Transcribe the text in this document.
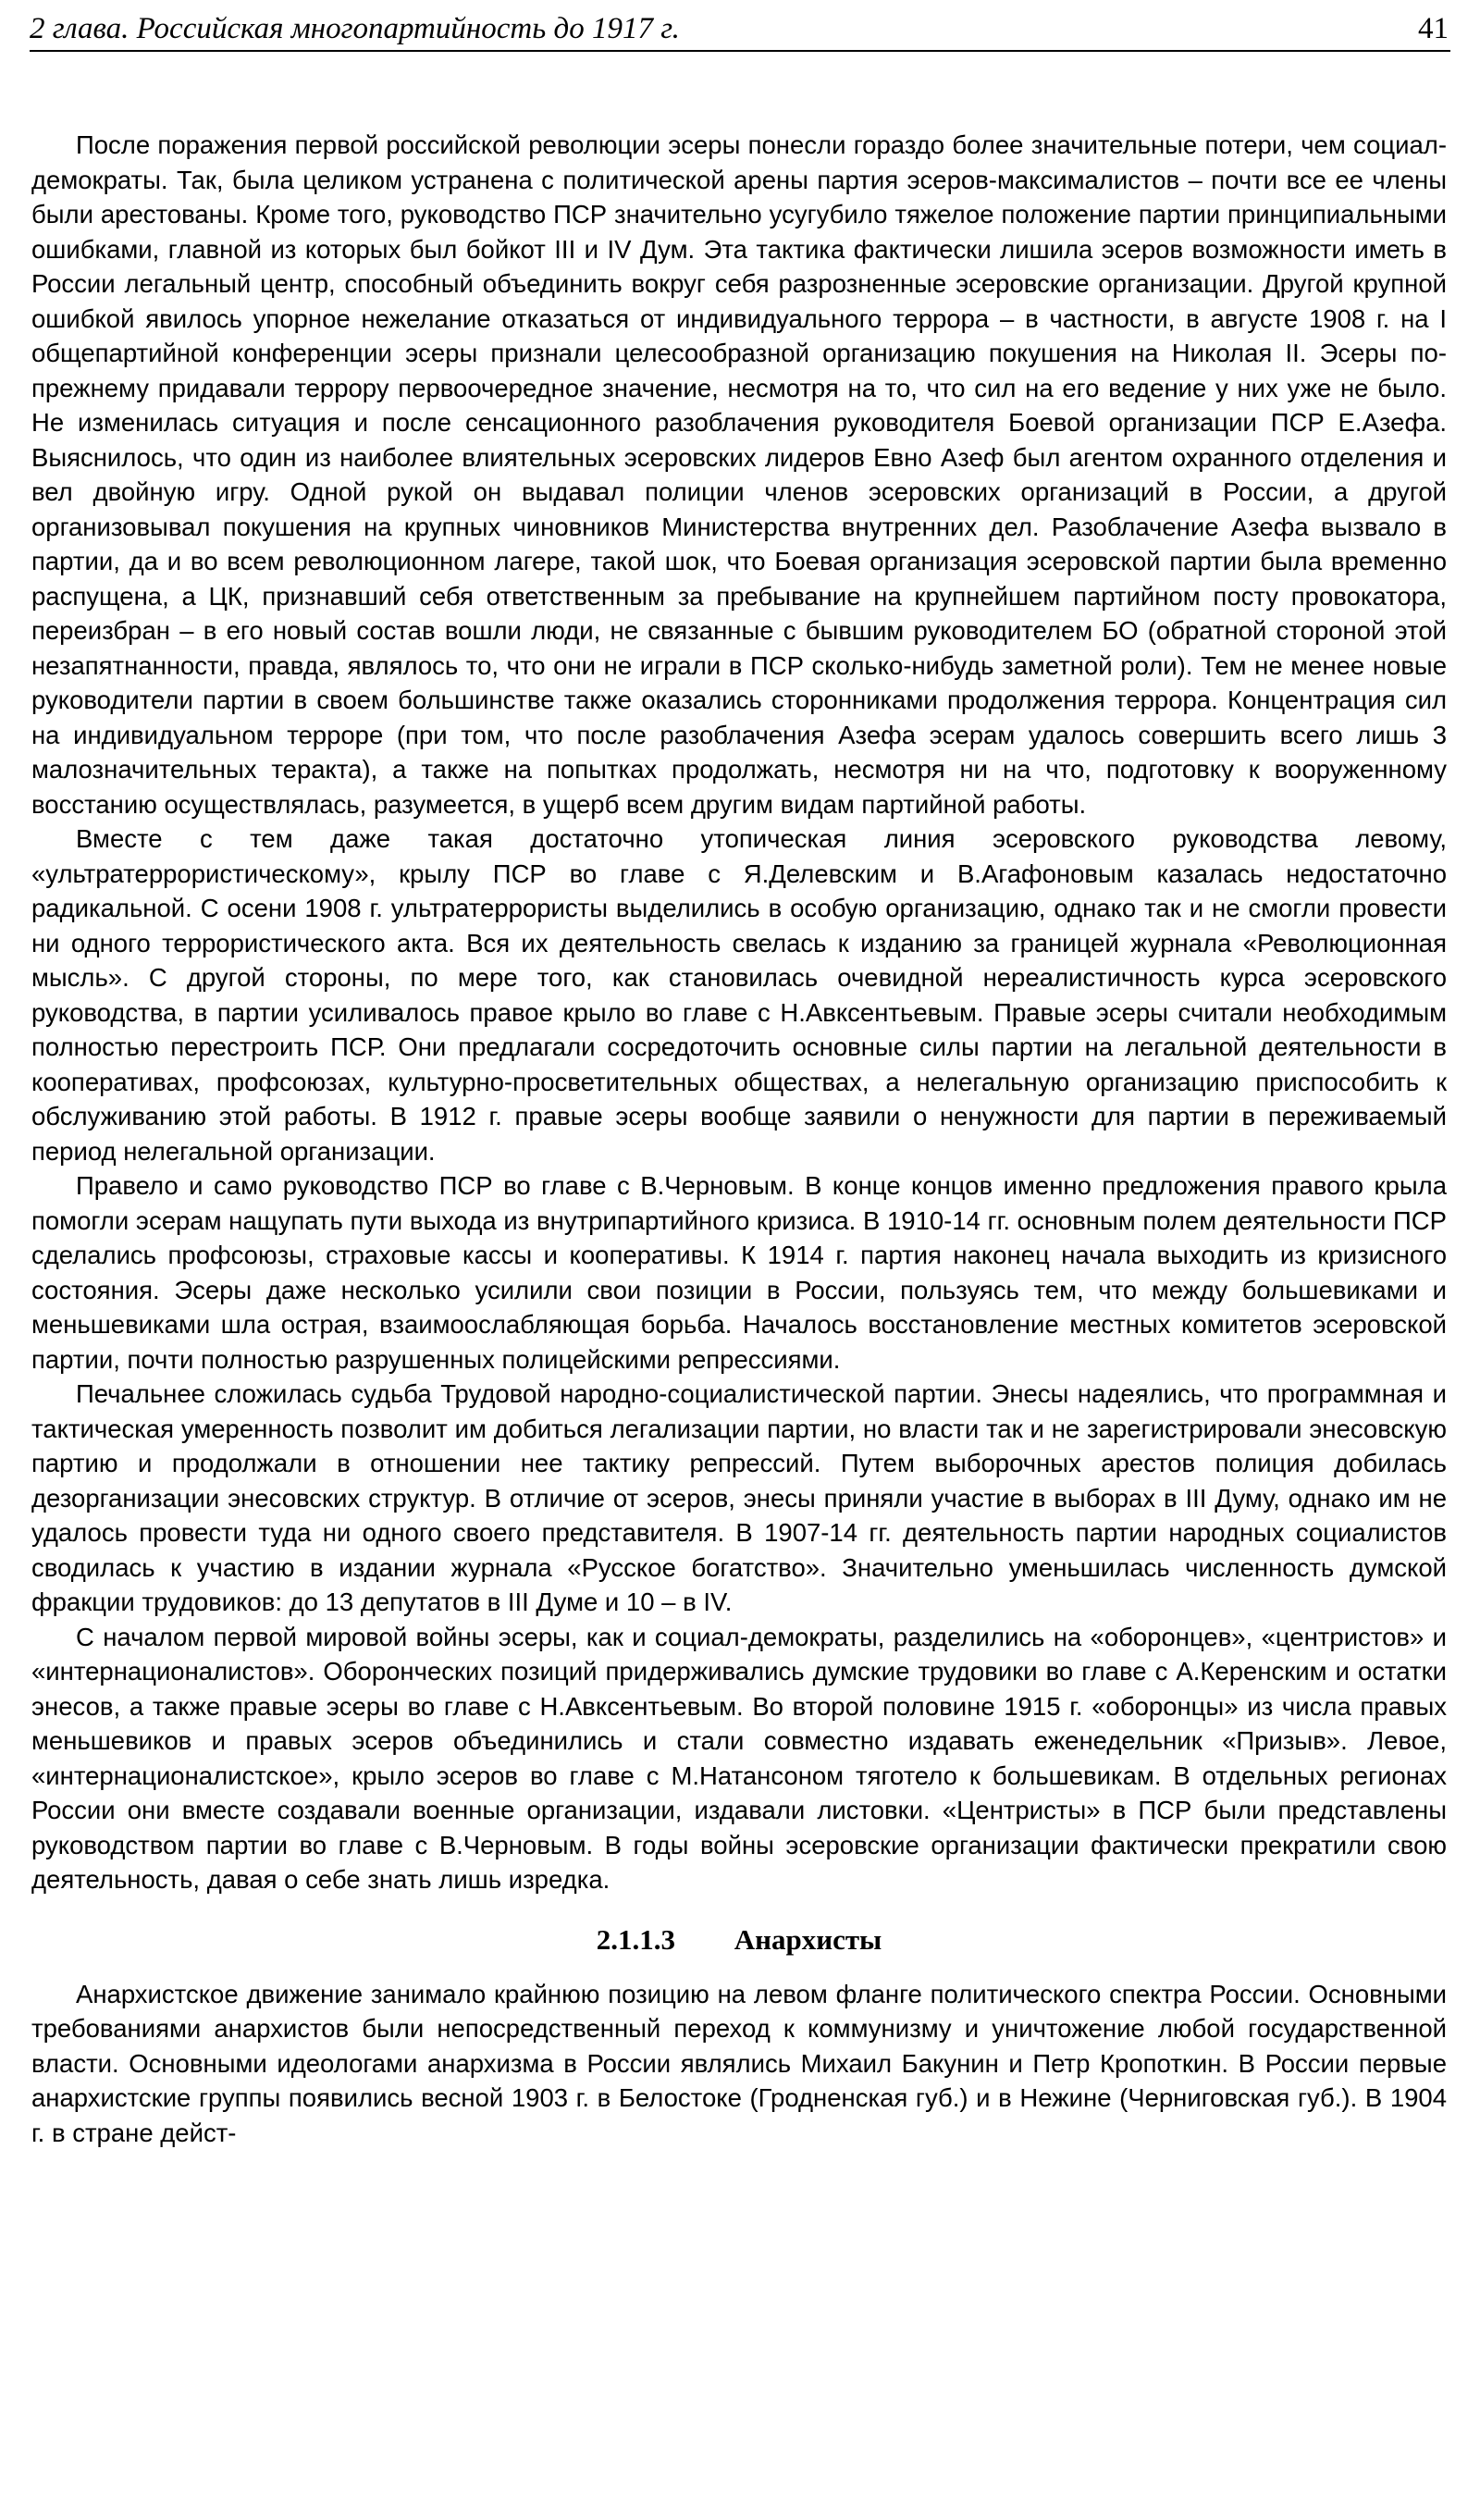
2 глава. Российская многопартийность до 1917 г.	41

После поражения первой российской революции эсеры понесли гораздо более значительные потери, чем социал-демократы. Так, была целиком устранена с политической арены партия эсеров-максималистов – почти все ее члены были арестованы. Кроме того, руководство ПСР значительно усугубило тяжелое положение партии принципиальными ошибками, главной из которых был бойкот III и IV Дум. Эта тактика фактически лишила эсеров возможности иметь в России легальный центр, способный объединить вокруг себя разрозненные эсеровские организации. Другой крупной ошибкой явилось упорное нежелание отказаться от индивидуального террора – в частности, в августе 1908 г. на I общепартийной конференции эсеры признали целесообразной организацию покушения на Николая II. Эсеры по-прежнему придавали террору первоочередное значение, несмотря на то, что сил на его ведение у них уже не было. Не изменилась ситуация и после сенсационного разоблачения руководителя Боевой организации ПСР Е.Азефа. Выяснилось, что один из наиболее влиятельных эсеровских лидеров Евно Азеф был агентом охранного отделения и вел двойную игру. Одной рукой он выдавал полиции членов эсеровских организаций в России, а другой организовывал покушения на крупных чиновников Министерства внутренних дел. Разоблачение Азефа вызвало в партии, да и во всем революционном лагере, такой шок, что Боевая организация эсеровской партии была временно распущена, а ЦК, признавший себя ответственным за пребывание на крупнейшем партийном посту провокатора, переизбран – в его новый состав вошли люди, не связанные с бывшим руководителем БО (обратной стороной этой незапятнанности, правда, являлось то, что они не играли в ПСР сколько-нибудь заметной роли). Тем не менее новые руководители партии в своем большинстве также оказались сторонниками продолжения террора. Концентрация сил на индивидуальном терроре (при том, что после разоблачения Азефа эсерам удалось совершить всего лишь 3 малозначительных теракта), а также на попытках продолжать, несмотря ни на что, подготовку к вооруженному восстанию осуществлялась, разумеется, в ущерб всем другим видам партийной работы.

Вместе с тем даже такая достаточно утопическая линия эсеровского руководства левому, «ультратеррористическому», крылу ПСР во главе с Я.Делевским и В.Агафоновым казалась недостаточно радикальной. С осени 1908 г. ультратеррористы выделились в особую организацию, однако так и не смогли провести ни одного террористического акта. Вся их деятельность свелась к изданию за границей журнала «Революционная мысль». С другой стороны, по мере того, как становилась очевидной нереалистичность курса эсеровского руководства, в партии усиливалось правое крыло во главе с Н.Авксентьевым. Правые эсеры считали необходимым полностью перестроить ПСР. Они предлагали сосредоточить основные силы партии на легальной деятельности в кооперативах, профсоюзах, культурно-просветительных обществах, а нелегальную организацию приспособить к обслуживанию этой работы. В 1912 г. правые эсеры вообще заявили о ненужности для партии в переживаемый период нелегальной организации.

Правело и само руководство ПСР во главе с В.Черновым. В конце концов именно предложения правого крыла помогли эсерам нащупать пути выхода из внутрипартийного кризиса. В 1910-14 гг. основным полем деятельности ПСР сделались профсоюзы, страховые кассы и кооперативы. К 1914 г. партия наконец начала выходить из кризисного состояния. Эсеры даже несколько усилили свои позиции в России, пользуясь тем, что между большевиками и меньшевиками шла острая, взаимоослабляющая борьба. Началось восстановление местных комитетов эсеровской партии, почти полностью разрушенных полицейскими репрессиями.

Печальнее сложилась судьба Трудовой народно-социалистической партии. Энесы надеялись, что программная и тактическая умеренность позволит им добиться легализации партии, но власти так и не зарегистрировали энесовскую партию и продолжали в отношении нее тактику репрессий. Путем выборочных арестов полиция добилась дезорганизации энесовских структур. В отличие от эсеров, энесы приняли участие в выборах в III Думу, однако им не удалось провести туда ни одного своего представителя. В 1907-14 гг. деятельность партии народных социалистов сводилась к участию в издании журнала «Русское богатство». Значительно уменьшилась численность думской фракции трудовиков: до 13 депутатов в III Думе и 10 – в IV.

С началом первой мировой войны эсеры, как и социал-демократы, разделились на «оборонцев», «центристов» и «интернационалистов». Оборонческих позиций придерживались думские трудовики во главе с А.Керенским и остатки энесов, а также правые эсеры во главе с Н.Авксентьевым. Во второй половине 1915 г. «оборонцы» из числа правых меньшевиков и правых эсеров объединились и стали совместно издавать еженедельник «Призыв». Левое, «интернационалистское», крыло эсеров во главе с М.Натансоном тяготело к большевикам. В отдельных регионах России они вместе создавали военные организации, издавали листовки. «Центристы» в ПСР были представлены руководством партии во главе с В.Черновым. В годы войны эсеровские организации фактически прекратили свою деятельность, давая о себе знать лишь изредка.

2.1.1.3 Анархисты

Анархистское движение занимало крайнюю позицию на левом фланге политического спектра России. Основными требованиями анархистов были непосредственный переход к коммунизму и уничтожение любой государственной власти. Основными идеологами анархизма в России являлись Михаил Бакунин и Петр Кропоткин. В России первые анархистские группы появились весной 1903 г. в Белостоке (Гродненская губ.) и в Нежине (Черниговская губ.). В 1904 г. в стране дейст-
